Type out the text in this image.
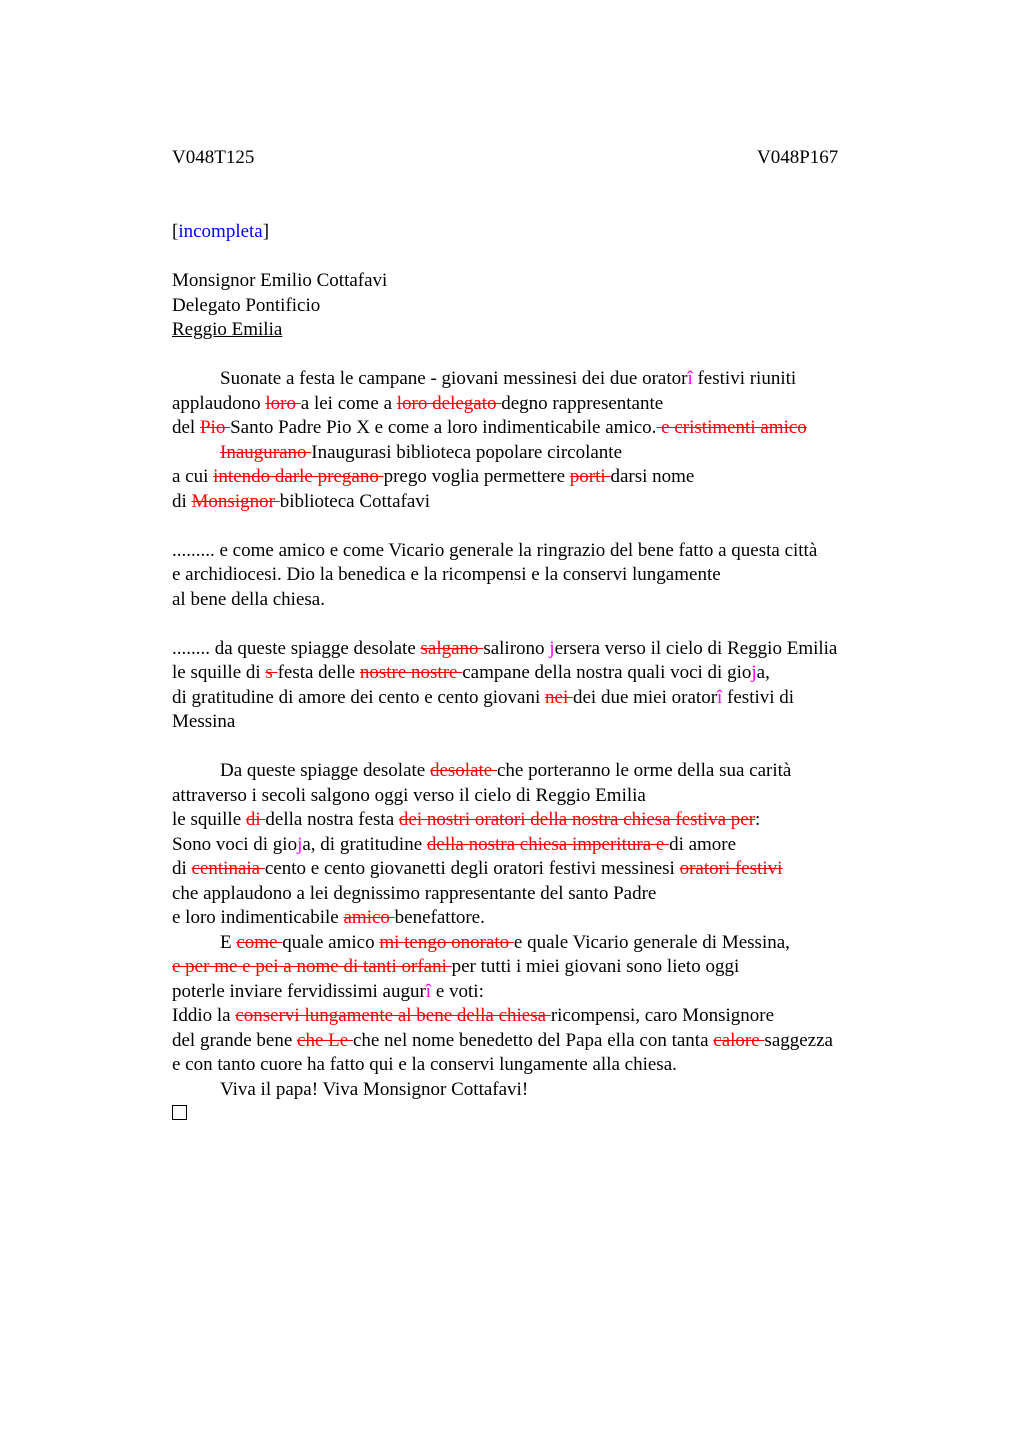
V048T125	V048P167
[incompleta]
Monsignor Emilio Cottafavi
Delegato Pontificio
Reggio Emilia
Suonate a festa le campane - giovani messinesi dei due oratorî festivi riuniti
applaudono loro a lei come a loro delegato degno rappresentante
del Pio Santo Padre Pio X e come a loro indimenticabile amico. e cristimenti amico
Inaugurano Inaugurasi biblioteca popolare circolante
a cui intendo darle pregano prego voglia permettere porti darsi nome
di Monsignor biblioteca Cottafavi
......... e come amico e come Vicario generale la ringrazio del bene fatto a questa città
e archidiocesi. Dio la benedica e la ricompensi e la conservi lungamente
al bene della chiesa.
........ da queste spiagge desolate salgano salirono jersera verso il cielo di Reggio Emilia
le squille di s festa delle nostre nostre campane della nostra quali voci di gioja,
di gratitudine di amore dei cento e cento giovani nei dei due miei oratorî festivi di
Messina
Da queste spiagge desolate desolate che porteranno le orme della sua carità
attraverso i secoli salgono oggi verso il cielo di Reggio Emilia
le squille di della nostra festa dei nostri oratori della nostra chiesa festiva per:
Sono voci di gioja, di gratitudine della nostra chiesa imperitura e di amore
di centinaia cento e cento giovanetti degli oratori festivi messinesi oratori festivi
che applaudono a lei degnissimo rappresentante del santo Padre
e loro indimenticabile amico benefattore.
E come quale amico mi tengo onorato e quale Vicario generale di Messina,
e per me e pei a nome di tanti orfani per tutti i miei giovani sono lieto oggi
poterle inviare fervidissimi augurî e voti:
Iddio la conservi lungamente al bene della chiesa ricompensi, caro Monsignore
del grande bene che Le che nel nome benedetto del Papa ella con tanta calore saggezza
e con tanto cuore ha fatto qui e la conservi lungamente alla chiesa.
Viva il papa! Viva Monsignor Cottafavi!
